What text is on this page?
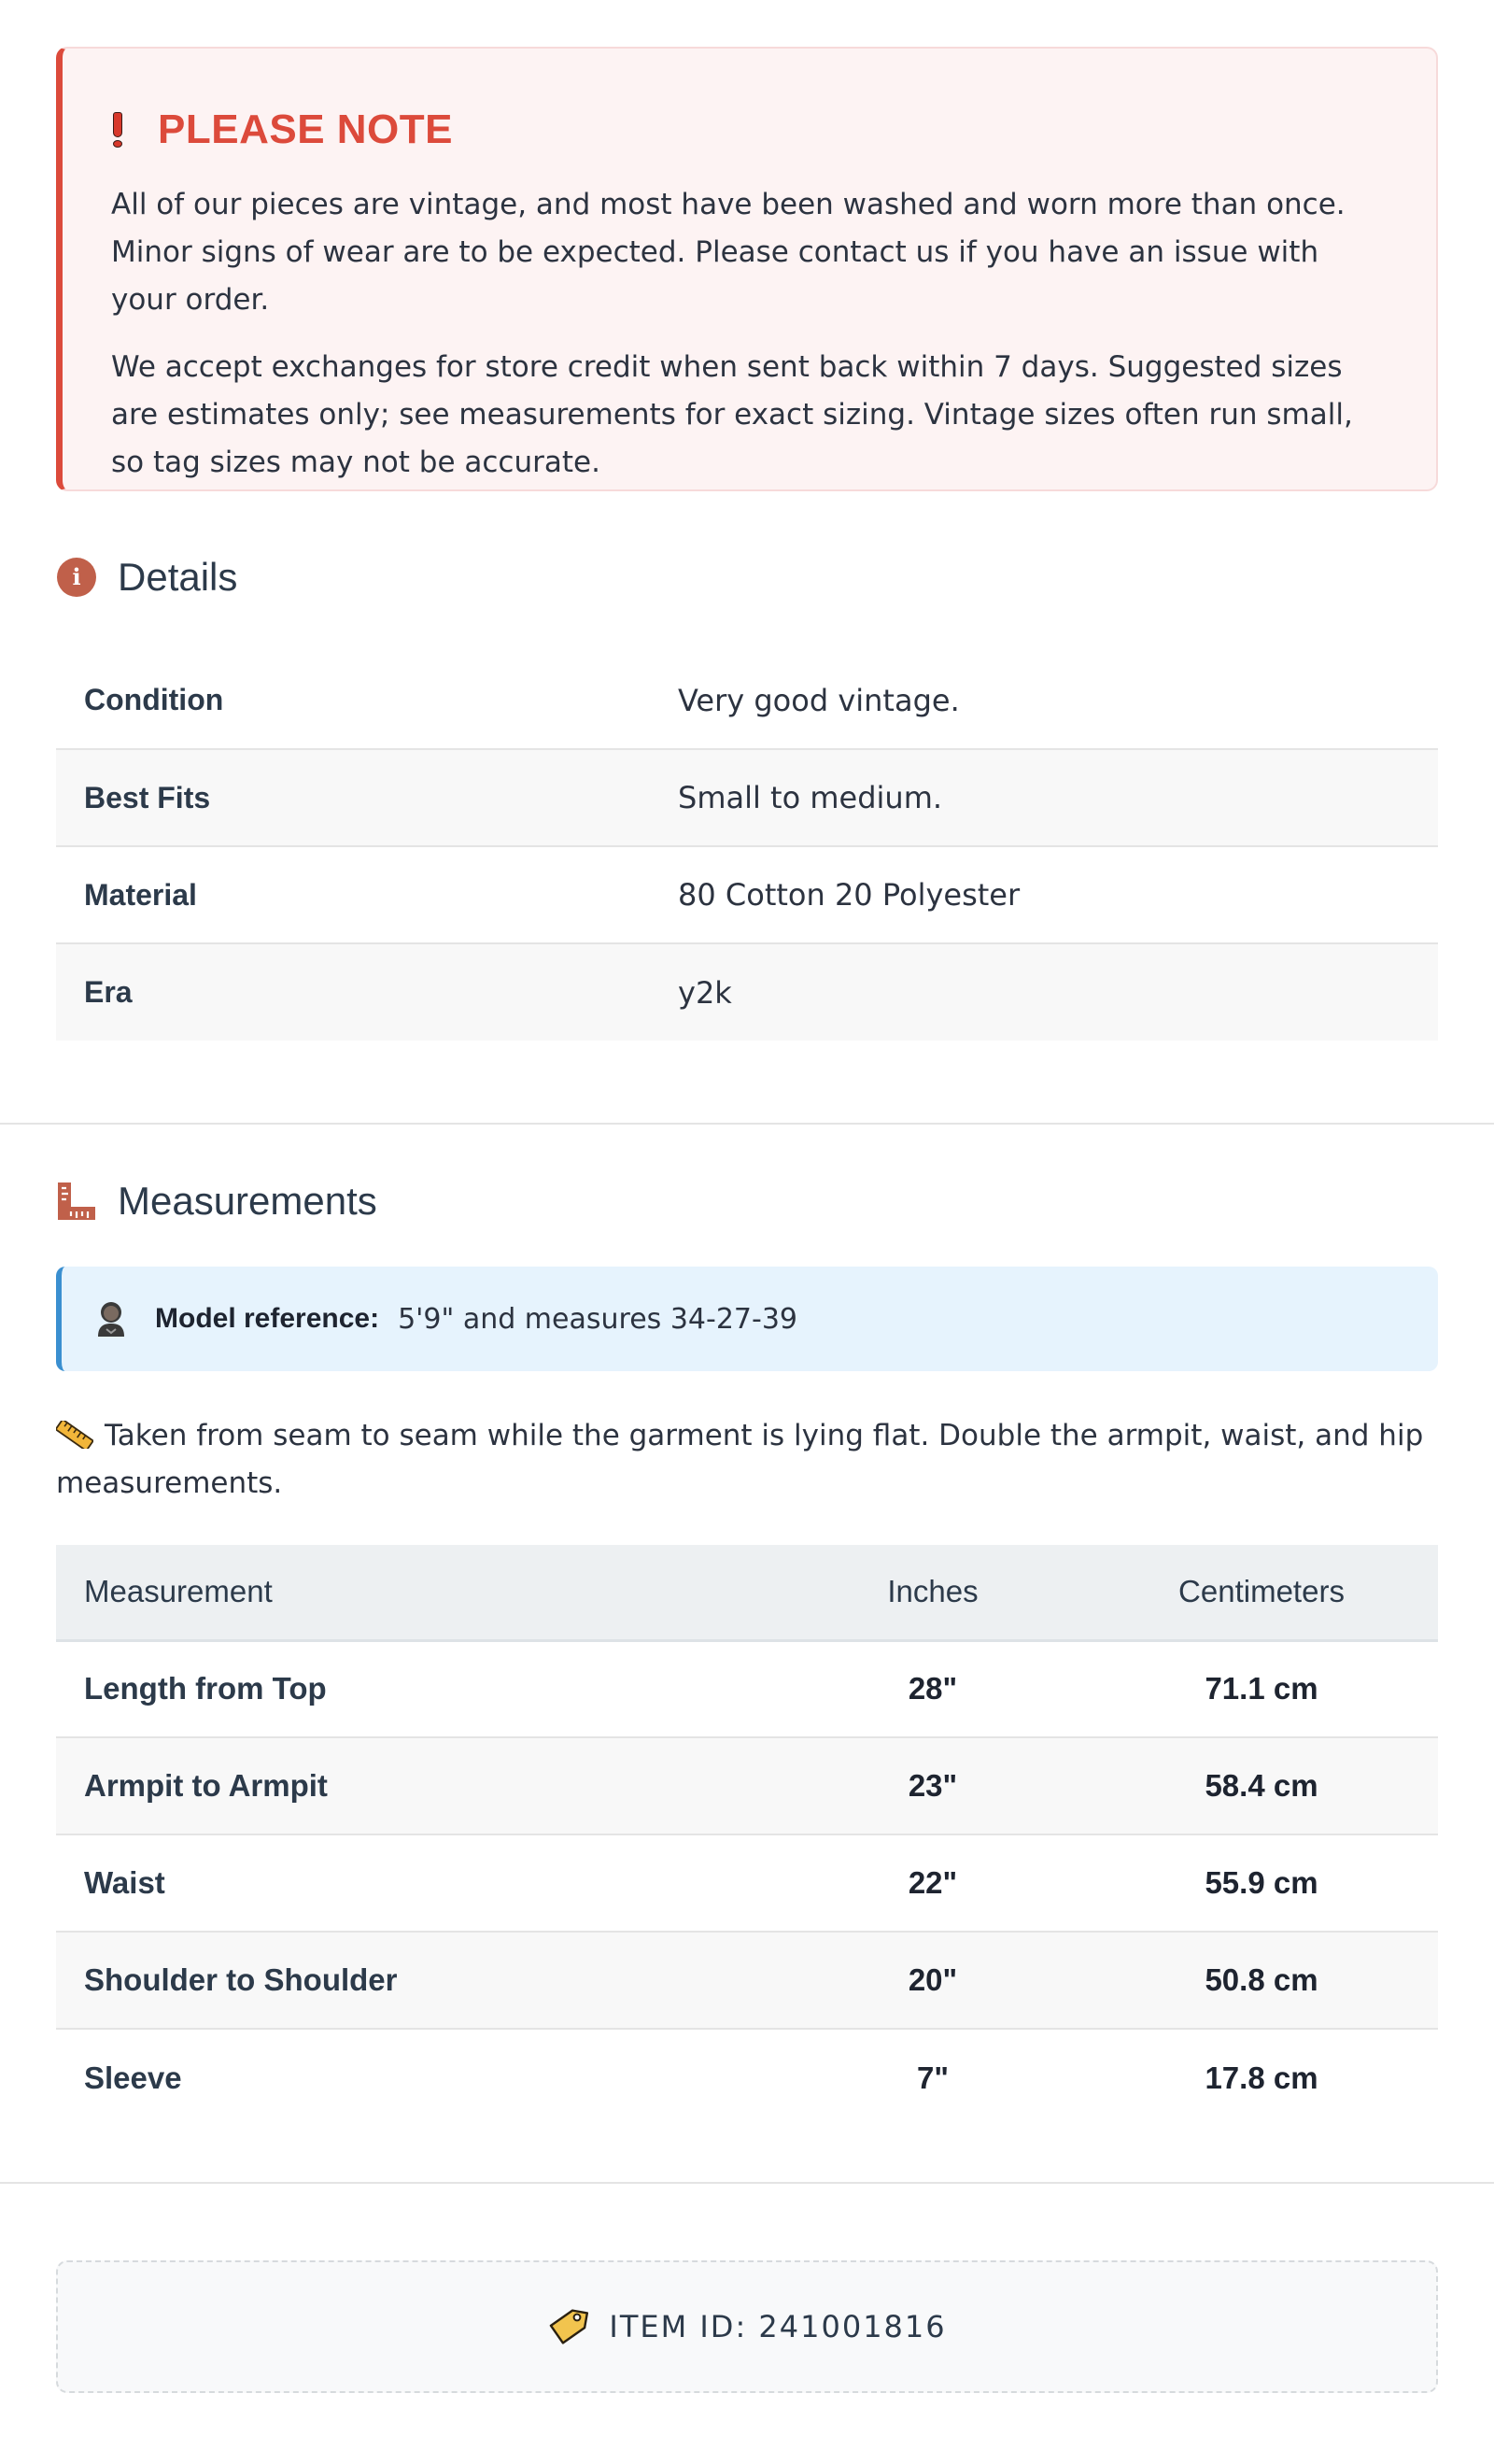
PLEASE NOTE

All of our pieces are vintage, and most have been washed and worn more than once. Minor signs of wear are to be expected. Please contact us if you have an issue with your order.

We accept exchanges for store credit when sent back within 7 days. Suggested sizes are estimates only; see measurements for exact sizing. Vintage sizes often run small, so tag sizes may not be accurate.

i Details
Condition	Very good vintage.
Best Fits	Small to medium.
Material	80 Cotton 20 Polyester
Era	y2k
Measurements
Model reference: 5'9" and measures 34-27-39
Taken from seam to seam while the garment is lying flat. Double the armpit, waist, and hip measurements.
Measurement	Inches	Centimeters
Length from Top	28"	71.1 cm
Armpit to Armpit	23"	58.4 cm
Waist	22"	55.9 cm
Shoulder to Shoulder	20"	50.8 cm
Sleeve	7"	17.8 cm
ITEM ID: 241001816
